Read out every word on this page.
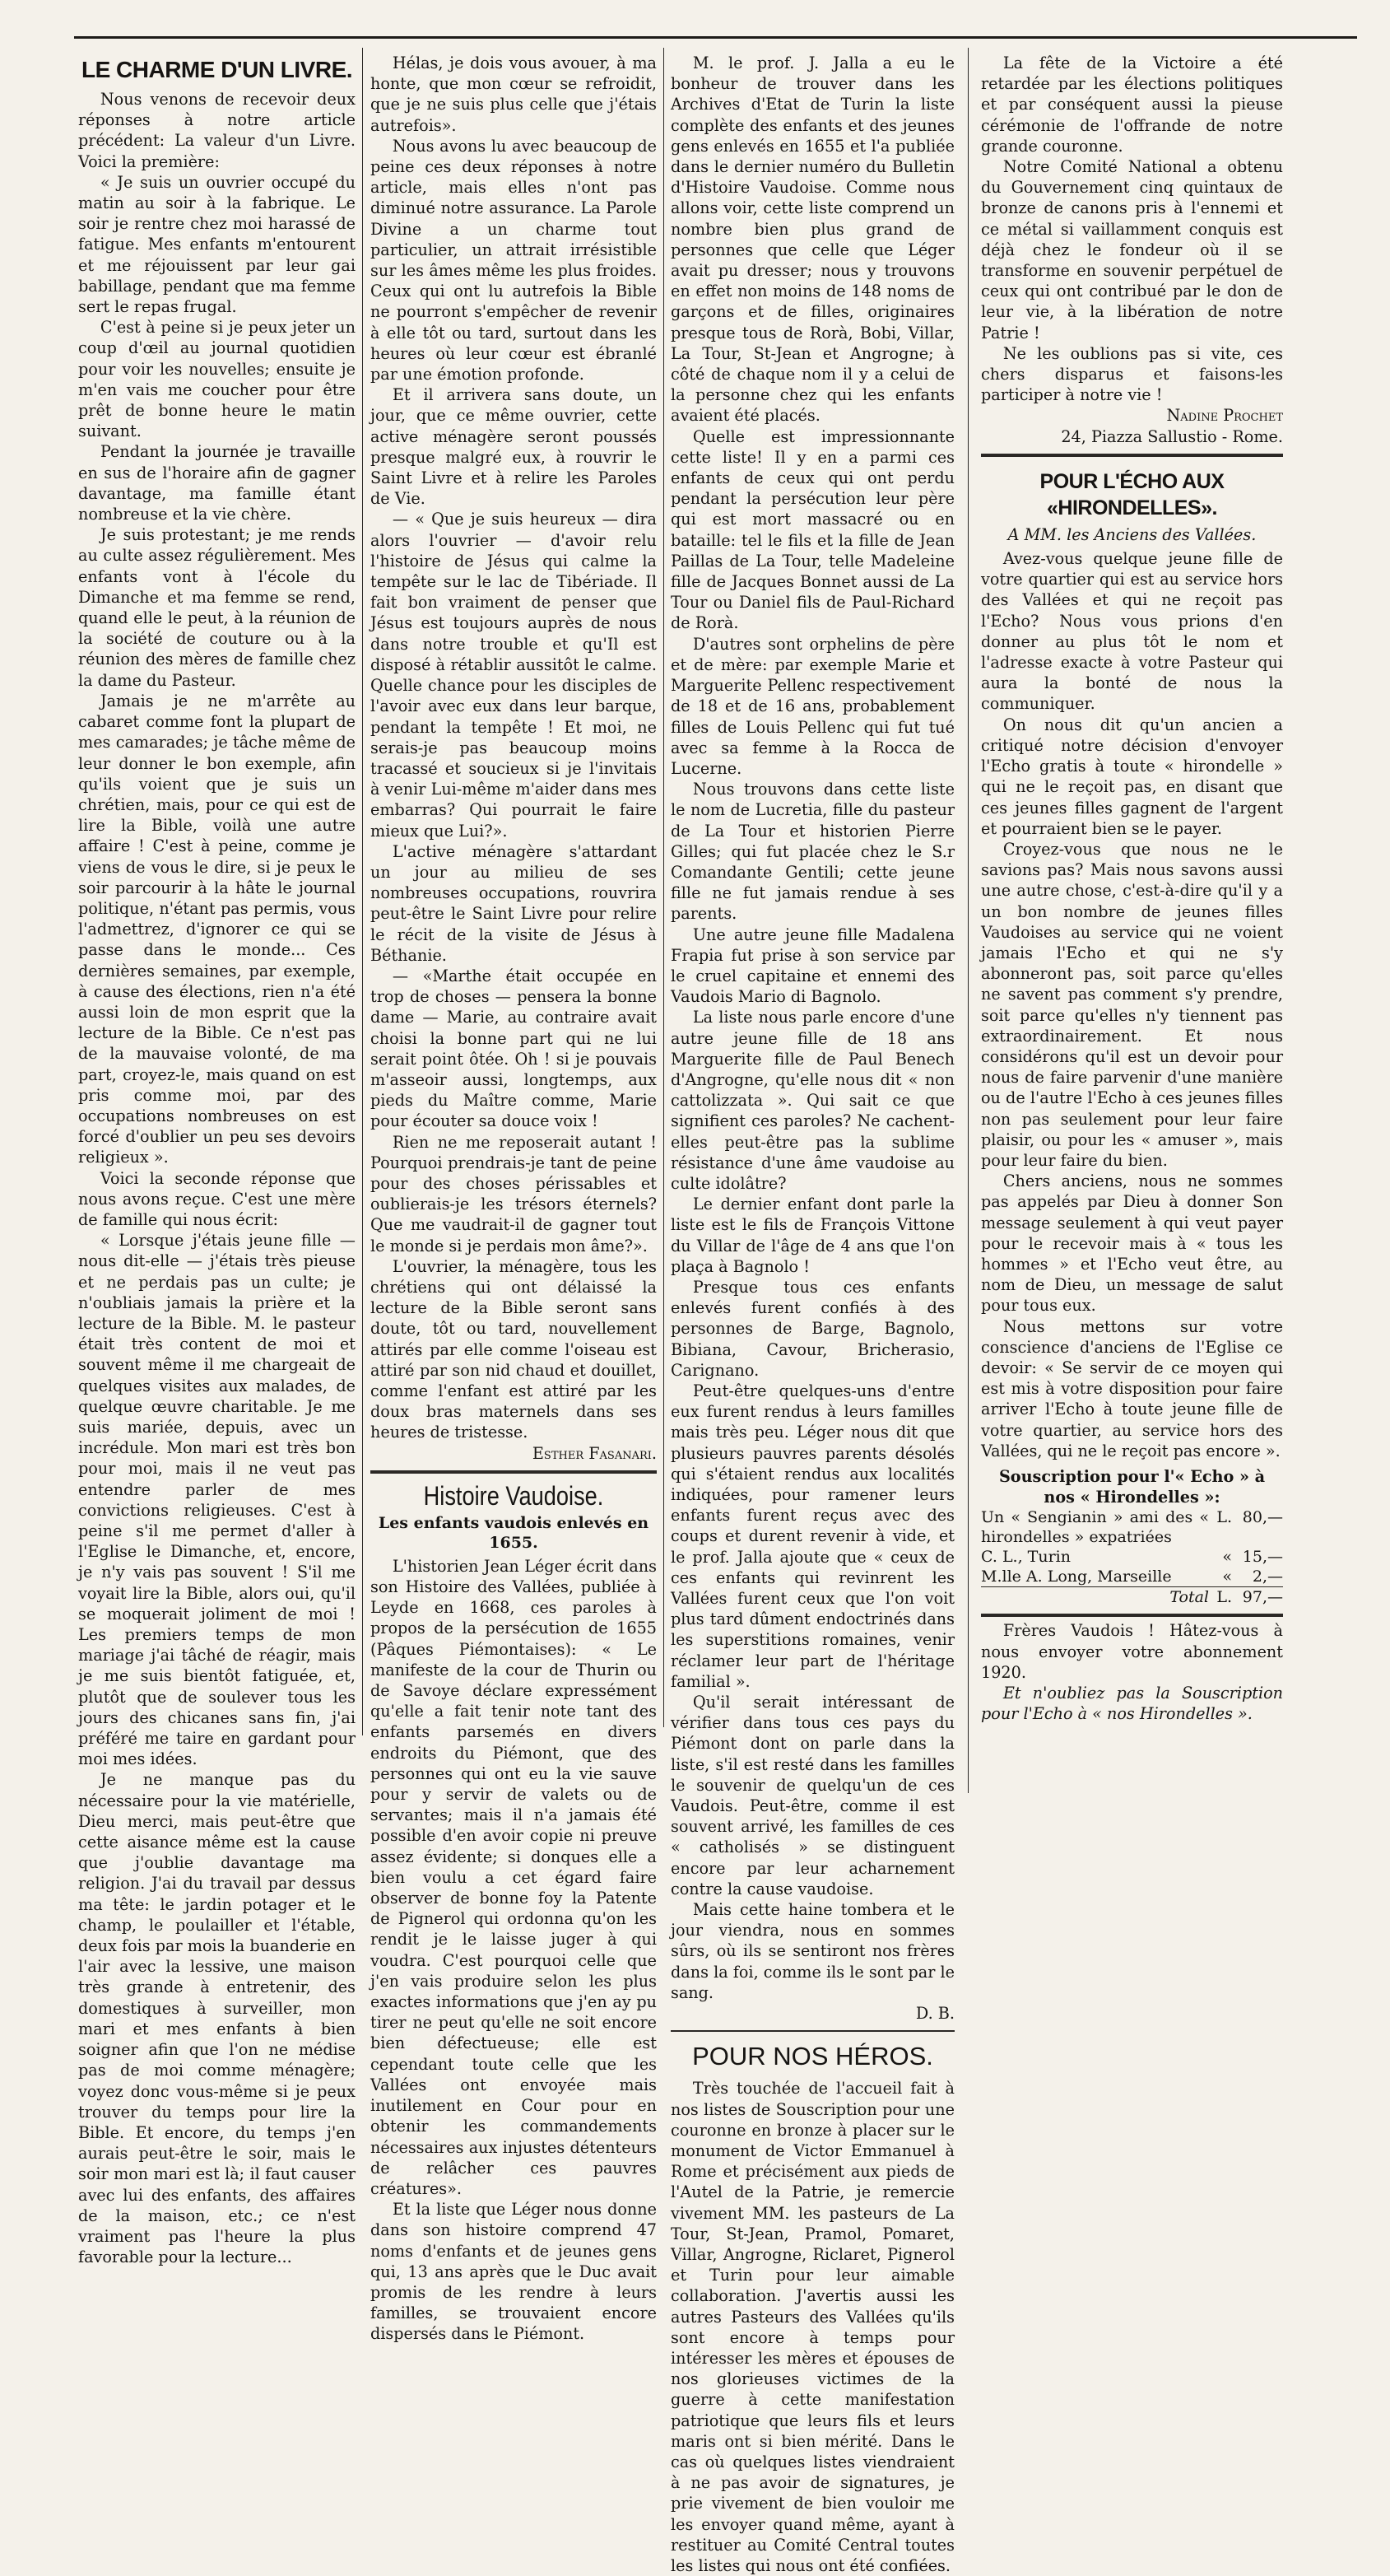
LE CHARME D'UN LIVRE.

Nous venons de recevoir deux réponses à notre article précédent: La valeur d'un Livre. Voici la première:

« Je suis un ouvrier occupé du matin au soir à la fabrique. Le soir je rentre chez moi harassé de fatigue. Mes enfants m'entourent et me réjouissent par leur gai babillage, pendant que ma femme sert le repas frugal.

C'est à peine si je peux jeter un coup d'œil au journal quotidien pour voir les nouvelles; ensuite je m'en vais me coucher pour être prêt de bonne heure le matin suivant.

Pendant la journée je travaille en sus de l'horaire afin de gagner davantage, ma famille étant nombreuse et la vie chère.

Je suis protestant; je me rends au culte assez régulièrement. Mes enfants vont à l'école du Dimanche et ma femme se rend, quand elle le peut, à la réunion de la société de couture ou à la réunion des mères de famille chez la dame du Pasteur.

Jamais je ne m'arrête au cabaret comme font la plupart de mes camarades; je tâche même de leur donner le bon exemple, afin qu'ils voient que je suis un chrétien, mais, pour ce qui est de lire la Bible, voilà une autre affaire ! C'est à peine, comme je viens de vous le dire, si je peux le soir parcourir à la hâte le journal politique, n'étant pas permis, vous l'admettrez, d'ignorer ce qui se passe dans le monde... Ces dernières semaines, par exemple, à cause des élections, rien n'a été aussi loin de mon esprit que la lecture de la Bible. Ce n'est pas de la mauvaise volonté, de ma part, croyez-le, mais quand on est pris comme moi, par des occupations nombreuses on est forcé d'oublier un peu ses devoirs religieux ».

Voici la seconde réponse que nous avons reçue. C'est une mère de famille qui nous écrit:

« Lorsque j'étais jeune fille — nous dit-elle — j'étais très pieuse et ne perdais pas un culte; je n'oubliais jamais la prière et la lecture de la Bible. M. le pasteur était très content de moi et souvent même il me chargeait de quelques visites aux malades, de quelque œuvre charitable. Je me suis mariée, depuis, avec un incrédule. Mon mari est très bon pour moi, mais il ne veut pas entendre parler de mes convictions religieuses. C'est à peine s'il me permet d'aller à l'Eglise le Dimanche, et, encore, je n'y vais pas souvent ! S'il me voyait lire la Bible, alors oui, qu'il se moquerait joliment de moi ! Les premiers temps de mon mariage j'ai tâché de réagir, mais je me suis bientôt fatiguée, et, plutôt que de soulever tous les jours des chicanes sans fin, j'ai préféré me taire en gardant pour moi mes idées.

Je ne manque pas du nécessaire pour la vie matérielle, Dieu merci, mais peut-être que cette aisance même est la cause que j'oublie davantage ma religion. J'ai du travail par dessus ma tête: le jardin potager et le champ, le poulailler et l'étable, deux fois par mois la buanderie en l'air avec la lessive, une maison très grande à entretenir, des domestiques à surveiller, mon mari et mes enfants à bien soigner afin que l'on ne médise pas de moi comme ménagère; voyez donc vous-même si je peux trouver du temps pour lire la Bible. Et encore, du temps j'en aurais peut-être le soir, mais le soir mon mari est là; il faut causer avec lui des enfants, des affaires de la maison, etc.; ce n'est vraiment pas l'heure la plus favorable pour la lecture...

Hélas, je dois vous avouer, à ma honte, que mon cœur se refroidit, que je ne suis plus celle que j'étais autrefois».

Nous avons lu avec beaucoup de peine ces deux réponses à notre article, mais elles n'ont pas diminué notre assurance. La Parole Divine a un charme tout particulier, un attrait irrésistible sur les âmes même les plus froides. Ceux qui ont lu autrefois la Bible ne pourront s'empêcher de revenir à elle tôt ou tard, surtout dans les heures où leur cœur est ébranlé par une émotion profonde.

Et il arrivera sans doute, un jour, que ce même ouvrier, cette active ménagère seront poussés presque malgré eux, à rouvrir le Saint Livre et à relire les Paroles de Vie.

— « Que je suis heureux — dira alors l'ouvrier — d'avoir relu l'histoire de Jésus qui calme la tempête sur le lac de Tibériade. Il fait bon vraiment de penser que Jésus est toujours auprès de nous dans notre trouble et qu'Il est disposé à rétablir aussitôt le calme. Quelle chance pour les disciples de l'avoir avec eux dans leur barque, pendant la tempête ! Et moi, ne serais-je pas beaucoup moins tracassé et soucieux si je l'invitais à venir Lui-même m'aider dans mes embarras? Qui pourrait le faire mieux que Lui?».

L'active ménagère s'attardant un jour au milieu de ses nombreuses occupations, rouvrira peut-être le Saint Livre pour relire le récit de la visite de Jésus à Béthanie.

— «Marthe était occupée en trop de choses — pensera la bonne dame — Marie, au contraire avait choisi la bonne part qui ne lui serait point ôtée. Oh ! si je pouvais m'asseoir aussi, longtemps, aux pieds du Maître comme, Marie pour écouter sa douce voix !

Rien ne me reposerait autant ! Pourquoi prendrais-je tant de peine pour des choses périssables et oublierais-je les trésors éternels? Que me vaudrait-il de gagner tout le monde si je perdais mon âme?».

L'ouvrier, la ménagère, tous les chrétiens qui ont délaissé la lecture de la Bible seront sans doute, tôt ou tard, nouvellement attirés par elle comme l'oiseau est attiré par son nid chaud et douillet, comme l'enfant est attiré par les doux bras maternels dans ses heures de tristesse.

Esther Fasanari.

Histoire Vaudoise.
Les enfants vaudois enlevés en 1655.

L'historien Jean Léger écrit dans son Histoire des Vallées, publiée à Leyde en 1668, ces paroles à propos de la persécution de 1655 (Pâques Piémontaises): « Le manifeste de la cour de Thurin ou de Savoye déclare expressément qu'elle a fait tenir note tant des enfants parsemés en divers endroits du Piémont, que des personnes qui ont eu la vie sauve pour y servir de valets ou de servantes; mais il n'a jamais été possible d'en avoir copie ni preuve assez évidente; si donques elle a bien voulu a cet égard faire observer de bonne foy la Patente de Pignerol qui ordonna qu'on les rendit je le laisse juger à qui voudra. C'est pourquoi celle que j'en vais produire selon les plus exactes informations que j'en ay pu tirer ne peut qu'elle ne soit encore bien défectueuse; elle est cependant toute celle que les Vallées ont envoyée mais inutilement en Cour pour en obtenir les commandements nécessaires aux injustes détenteurs de relâcher ces pauvres créatures».

Et la liste que Léger nous donne dans son histoire comprend 47 noms d'enfants et de jeunes gens qui, 13 ans après que le Duc avait promis de les rendre à leurs familles, se trouvaient encore dispersés dans le Piémont.

M. le prof. J. Jalla a eu le bonheur de trouver dans les Archives d'Etat de Turin la liste complète des enfants et des jeunes gens enlevés en 1655 et l'a publiée dans le dernier numéro du Bulletin d'Histoire Vaudoise. Comme nous allons voir, cette liste comprend un nombre bien plus grand de personnes que celle que Léger avait pu dresser; nous y trouvons en effet non moins de 148 noms de garçons et de filles, originaires presque tous de Rorà, Bobi, Villar, La Tour, St-Jean et Angrogne; à côté de chaque nom il y a celui de la personne chez qui les enfants avaient été placés.

Quelle est impressionnante cette liste! Il y en a parmi ces enfants de ceux qui ont perdu pendant la persécution leur père qui est mort massacré ou en bataille: tel le fils et la fille de Jean Paillas de La Tour, telle Madeleine fille de Jacques Bonnet aussi de La Tour ou Daniel fils de Paul-Richard de Rorà.

D'autres sont orphelins de père et de mère: par exemple Marie et Marguerite Pellenc respectivement de 18 et de 16 ans, probablement filles de Louis Pellenc qui fut tué avec sa femme à la Rocca de Lucerne.

Nous trouvons dans cette liste le nom de Lucretia, fille du pasteur de La Tour et historien Pierre Gilles; qui fut placée chez le S.r Comandante Gentili; cette jeune fille ne fut jamais rendue à ses parents.

Une autre jeune fille Madalena Frapia fut prise à son service par le cruel capitaine et ennemi des Vaudois Mario di Bagnolo.

La liste nous parle encore d'une autre jeune fille de 18 ans Marguerite fille de Paul Benech d'Angrogne, qu'elle nous dit « non cattolizzata ». Qui sait ce que signifient ces paroles? Ne cachent-elles peut-être pas la sublime résistance d'une âme vaudoise au culte idolâtre?

Le dernier enfant dont parle la liste est le fils de François Vittone du Villar de l'âge de 4 ans que l'on plaça à Bagnolo !

Presque tous ces enfants enlevés furent confiés à des personnes de Barge, Bagnolo, Bibiana, Cavour, Bricherasio, Carignano.

Peut-être quelques-uns d'entre eux furent rendus à leurs familles mais très peu. Léger nous dit que plusieurs pauvres parents désolés qui s'étaient rendus aux localités indiquées, pour ramener leurs enfants furent reçus avec des coups et durent revenir à vide, et le prof. Jalla ajoute que « ceux de ces enfants qui revinrent les Vallées furent ceux que l'on voit plus tard dûment endoctrinés dans les superstitions romaines, venir réclamer leur part de l'héritage familial ».

Qu'il serait intéressant de vérifier dans tous ces pays du Piémont dont on parle dans la liste, s'il est resté dans les familles le souvenir de quelqu'un de ces Vaudois. Peut-être, comme il est souvent arrivé, les familles de ces « catholisés » se distinguent encore par leur acharnement contre la cause vaudoise.

Mais cette haine tombera et le jour viendra, nous en sommes sûrs, où ils se sentiront nos frères dans la foi, comme ils le sont par le sang.

D. B.

POUR NOS HÉROS.

Très touchée de l'accueil fait à nos listes de Souscription pour une couronne en bronze à placer sur le monument de Victor Emmanuel à Rome et précisément aux pieds de l'Autel de la Patrie, je remercie vivement MM. les pasteurs de La Tour, St-Jean, Pramol, Pomaret, Villar, Angrogne, Riclaret, Pignerol et Turin pour leur aimable collaboration. J'avertis aussi les autres Pasteurs des Vallées qu'ils sont encore à temps pour intéresser les mères et épouses de nos glorieuses victimes de la guerre à cette manifestation patriotique que leurs fils et leurs maris ont si bien mérité. Dans le cas où quelques listes viendraient à ne pas avoir de signatures, je prie vivement de bien vouloir me les envoyer quand même, ayant à restituer au Comité Central toutes les listes qui nous ont été confiées.

La fête de la Victoire a été retardée par les élections politiques et par conséquent aussi la pieuse cérémonie de l'offrande de notre grande couronne.

Notre Comité National a obtenu du Gouvernement cinq quintaux de bronze de canons pris à l'ennemi et ce métal si vaillamment conquis est déjà chez le fondeur où il se transforme en souvenir perpétuel de ceux qui ont contribué par le don de leur vie, à la libération de notre Patrie !

Ne les oublions pas si vite, ces chers disparus et faisons-les participer à notre vie !

Nadine Prochet

24, Piazza Sallustio - Rome.

POUR L'ÉCHO AUX «HIRONDELLES».

A MM. les Anciens des Vallées.

Avez-vous quelque jeune fille de votre quartier qui est au service hors des Vallées et qui ne reçoit pas l'Echo? Nous vous prions d'en donner au plus tôt le nom et l'adresse exacte à votre Pasteur qui aura la bonté de nous la communiquer.

On nous dit qu'un ancien a critiqué notre décision d'envoyer l'Echo gratis à toute « hirondelle » qui ne le reçoit pas, en disant que ces jeunes filles gagnent de l'argent et pourraient bien se le payer.

Croyez-vous que nous ne le savions pas? Mais nous savons aussi une autre chose, c'est-à-dire qu'il y a un bon nombre de jeunes filles Vaudoises au service qui ne voient jamais l'Echo et qui ne s'y abonneront pas, soit parce qu'elles ne savent pas comment s'y prendre, soit parce qu'elles n'y tiennent pas extraordinairement. Et nous considérons qu'il est un devoir pour nous de faire parvenir d'une manière ou de l'autre l'Echo à ces jeunes filles non pas seulement pour leur faire plaisir, ou pour les « amuser », mais pour leur faire du bien.

Chers anciens, nous ne sommes pas appelés par Dieu à donner Son message seulement à qui veut payer pour le recevoir mais à « tous les hommes » et l'Echo veut être, au nom de Dieu, un message de salut pour tous eux.

Nous mettons sur votre conscience d'anciens de l'Eglise ce devoir: « Se servir de ce moyen qui est mis à votre disposition pour faire arriver l'Echo à toute jeune fille de votre quartier, au service hors des Vallées, qui ne le reçoit pas encore ».

Souscription pour l'« Echo » à nos « Hirondelles »:

Un « Sengianin » ami des « hirondelles » expatriées	L.	80,—
C. L., Turin	«	15,—
M.lle A. Long, Marseille	«	2,—
Total	L.	97,—

Frères Vaudois ! Hâtez-vous à nous envoyer votre abonnement 1920.

Et n'oubliez pas la Souscription pour l'Echo à « nos Hirondelles ».
